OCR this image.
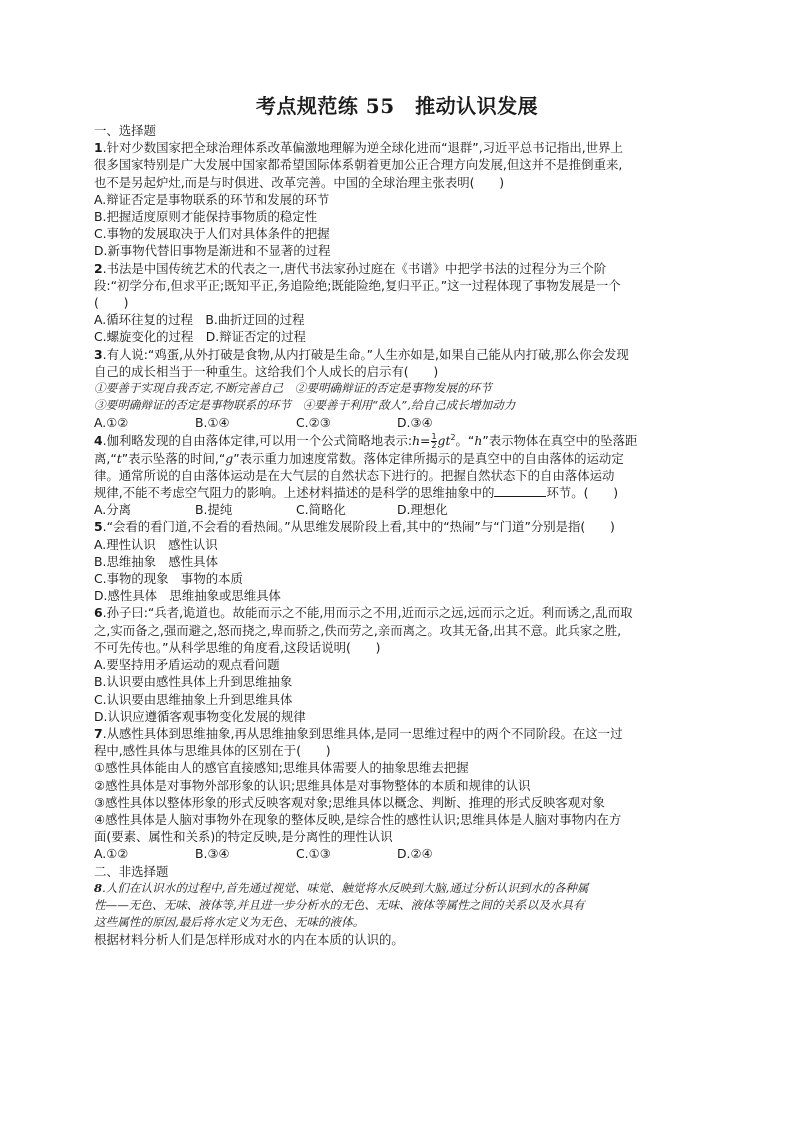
考点规范练 55　推动认识发展
一、选择题
1.针对少数国家把全球治理体系改革偏激地理解为逆全球化进而“退群”,习近平总书记指出,世界上
很多国家特别是广大发展中国家都希望国际体系朝着更加公正合理方向发展,但这并不是推倒重来,
也不是另起炉灶,而是与时俱进、改革完善。中国的全球治理主张表明(　　)
A.辩证否定是事物联系的环节和发展的环节
B.把握适度原则才能保持事物质的稳定性
C.事物的发展取决于人们对具体条件的把握
D.新事物代替旧事物是渐进和不显著的过程
2.书法是中国传统艺术的代表之一,唐代书法家孙过庭在《书谱》中把学书法的过程分为三个阶
段:“初学分布,但求平正;既知平正,务追险绝;既能险绝,复归平正。”这一过程体现了事物发展是一个
(　　)
A.循环往复的过程　B.曲折迂回的过程
C.螺旋变化的过程　D.辩证否定的过程
3.有人说:“鸡蛋,从外打破是食物,从内打破是生命。”人生亦如是,如果自己能从内打破,那么你会发现
自己的成长相当于一种重生。这给我们个人成长的启示有(　　)
①要善于实现自我否定,不断完善自己　②要明确辩证的否定是事物发展的环节
③要明确辩证的否定是事物联系的环节　④要善于利用“敌人”,给自己成长增加动力
A.①②	B.①④	C.②③	D.③④
4.伽利略发现的自由落体定律,可以用一个公式简略地表示:h= $\frac{1}{2} gt^2$。“h”表示物体在真空中的坠落距
离,“t”表示坠落的时间,“g”表示重力加速度常数。落体定律所揭示的是真空中的自由落体的运动定
律。通常所说的自由落体运动是在大气层的自然状态下进行的。把握自然状态下的自由落体运动
规律,不能不考虑空气阻力的影响。上述材料描述的是科学的思维抽象中的	环节。(　　)
A.分离	B.提纯	C.简略化	D.理想化
5.“会看的看门道,不会看的看热闹。”从思维发展阶段上看,其中的“热闹”与“门道”分别是指(　　)
A.理性认识　感性认识
B.思维抽象　感性具体
C.事物的现象　事物的本质
D.感性具体　思维抽象或思维具体
6.孙子曰:“兵者,诡道也。故能而示之不能,用而示之不用,近而示之远,远而示之近。利而诱之,乱而取
之,实而备之,强而避之,怒而挠之,卑而骄之,佚而劳之,亲而离之。攻其无备,出其不意。此兵家之胜,
不可先传也。”从科学思维的角度看,这段话说明(　　)
A.要坚持用矛盾运动的观点看问题
B.认识要由感性具体上升到思维抽象
C.认识要由思维抽象上升到思维具体
D.认识应遵循客观事物变化发展的规律
7.从感性具体到思维抽象,再从思维抽象到思维具体,是同一思维过程中的两个不同阶段。在这一过
程中,感性具体与思维具体的区别在于(　　)
①感性具体能由人的感官直接感知;思维具体需要人的抽象思维去把握
②感性具体是对事物外部形象的认识;思维具体是对事物整体的本质和规律的认识
③感性具体以整体形象的形式反映客观对象;思维具体以概念、判断、推理的形式反映客观对象
④感性具体是人脑对事物外在现象的整体反映,是综合性的感性认识;思维具体是人脑对事物内在方
面(要素、属性和关系)的特定反映,是分离性的理性认识
A.①②	B.③④	C.①③	D.②④
二、非选择题
8.人们在认识水的过程中,首先通过视觉、味觉、触觉将水反映到大脑,通过分析认识到水的各种属
性——无色、无味、液体等,并且进一步分析水的无色、无味、液体等属性之间的关系以及水具有
这些属性的原因,最后将水定义为无色、无味的液体。
根据材料分析人们是怎样形成对水的内在本质的认识的。
